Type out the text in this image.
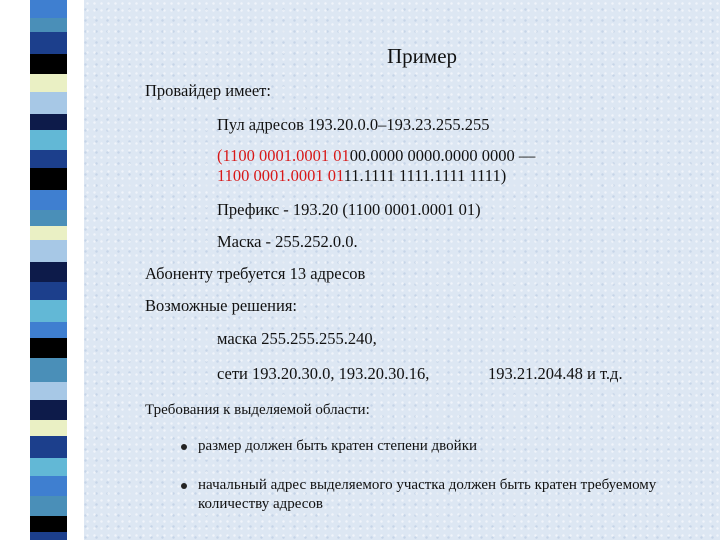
Пример
Провайдер имеет:
Пул адресов 193.20.0.0–193.23.255.255
(1100 0001.0001 0100.0000 0000.0000 0000 —
1100 0001.0001 0111.1111 1111.1111 1111)
Префикс - 193.20 (1100 0001.0001 01)
Маска - 255.252.0.0.
Абоненту требуется 13 адресов
Возможные решения:
маска 255.255.255.240,
сети 193.20.30.0, 193.20.30.16,	193.21.204.48 и т.д.
Требования к выделяемой области:
размер должен быть кратен степени двойки
начальный адрес выделяемого участка должен быть кратен требуемому
количеству адресов
